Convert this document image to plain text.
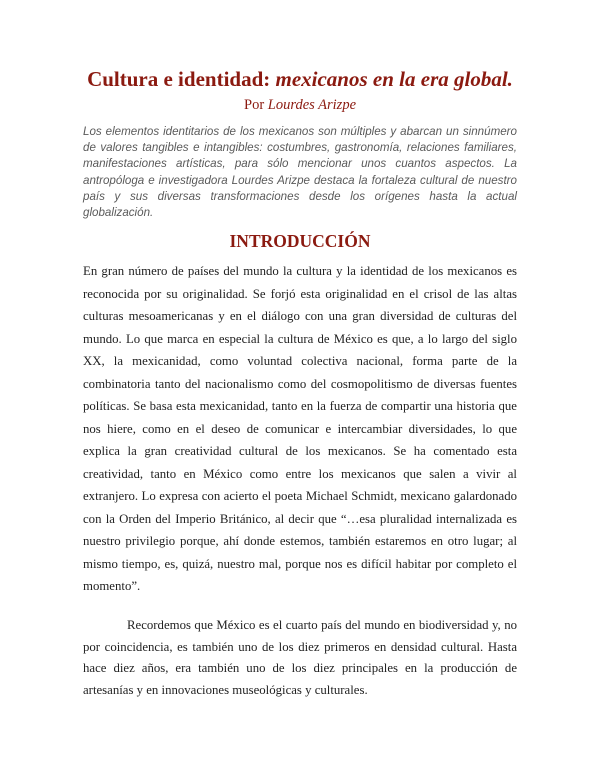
Cultura e identidad: mexicanos en la era global.

Por Lourdes Arizpe

Los elementos identitarios de los mexicanos son múltiples y abarcan un sinnúmero de valores tangibles e intangibles: costumbres, gastronomía, relaciones familiares, manifestaciones artísticas, para sólo mencionar unos cuantos aspectos. La antropóloga e investigadora Lourdes Arizpe destaca la fortaleza cultural de nuestro país y sus diversas transformaciones desde los orígenes hasta la actual globalización.

INTRODUCCIÓN

En gran número de países del mundo la cultura y la identidad de los mexicanos es reconocida por su originalidad. Se forjó esta originalidad en el crisol de las altas culturas mesoamericanas y en el diálogo con una gran diversidad de culturas del mundo. Lo que marca en especial la cultura de México es que, a lo largo del siglo XX, la mexicanidad, como voluntad colectiva nacional, forma parte de la combinatoria tanto del nacionalismo como del cosmopolitismo de diversas fuentes políticas. Se basa esta mexicanidad, tanto en la fuerza de compartir una historia que nos hiere, como en el deseo de comunicar e intercambiar diversidades, lo que explica la gran creatividad cultural de los mexicanos. Se ha comentado esta creatividad, tanto en México como entre los mexicanos que salen a vivir al extranjero. Lo expresa con acierto el poeta Michael Schmidt, mexicano galardonado con la Orden del Imperio Británico, al decir que “…esa pluralidad internalizada es nuestro privilegio porque, ahí donde estemos, también estaremos en otro lugar; al mismo tiempo, es, quizá, nuestro mal, porque nos es difícil habitar por completo el momento”.

Recordemos que México es el cuarto país del mundo en biodiversidad y, no por coincidencia, es también uno de los diez primeros en densidad cultural. Hasta hace diez años, era también uno de los diez principales en la producción de artesanías y en innovaciones museológicas y culturales.
